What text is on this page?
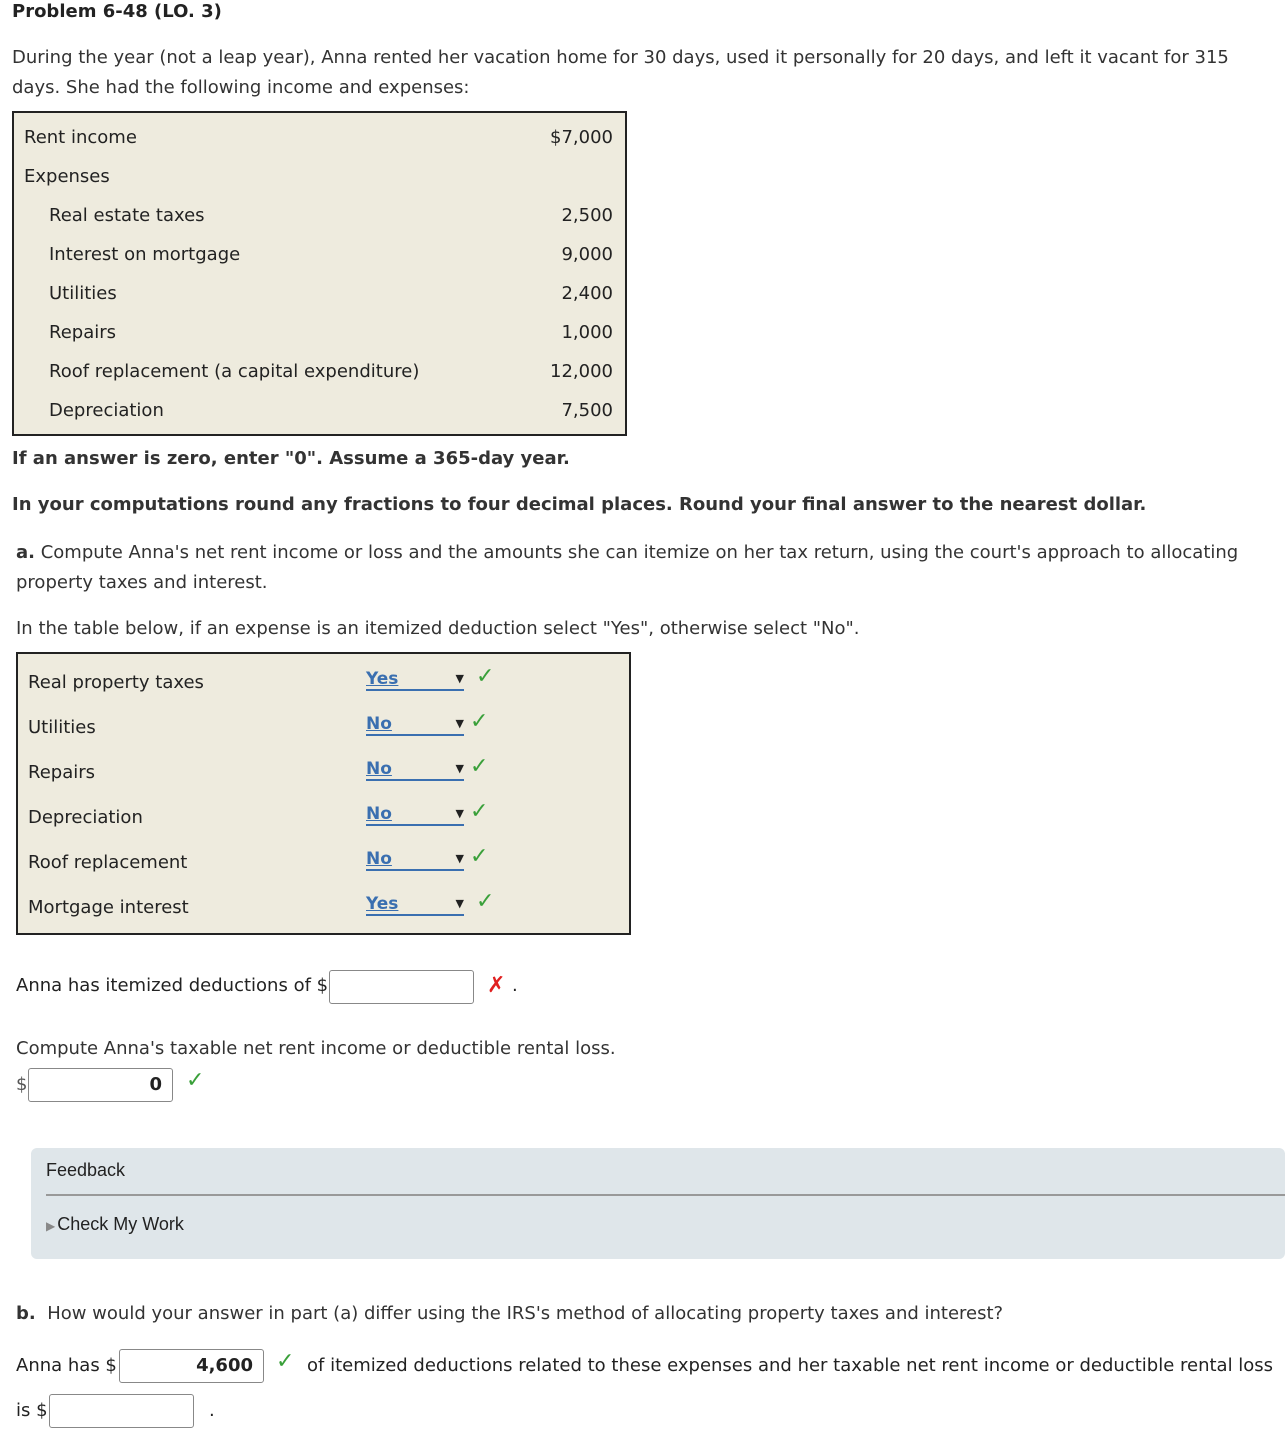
Problem 6-48 (LO. 3)
During the year (not a leap year), Anna rented her vacation home for 30 days, used it personally for 20 days, and left it vacant for 315 days. She had the following income and expenses:
Rent income	$7,000
Expenses
Real estate taxes	2,500
Interest on mortgage	9,000
Utilities	2,400
Repairs	1,000
Roof replacement (a capital expenditure)	12,000
Depreciation	7,500
If an answer is zero, enter "0". Assume a 365-day year.
In your computations round any fractions to four decimal places. Round your final answer to the nearest dollar.
a. Compute Anna's net rent income or loss and the amounts she can itemize on her tax return, using the court's approach to allocating property taxes and interest.
In the table below, if an expense is an itemized deduction select "Yes", otherwise select "No".
Real property taxes	Yes	▼ ✓
Utilities	No	▼ ✓
Repairs	No	▼ ✓
Depreciation	No	▼ ✓
Roof replacement	No	▼ ✓
Mortgage interest	Yes	▼ ✓
Anna has itemized deductions of $	✗ .
Compute Anna's taxable net rent income or deductible rental loss.
$	0	✓
Feedback
▶ Check My Work
b. How would your answer in part (a) differ using the IRS's method of allocating property taxes and interest?
Anna has $	4,600	✓ of itemized deductions related to these expenses and her taxable net rent income or deductible rental loss
is $	.
